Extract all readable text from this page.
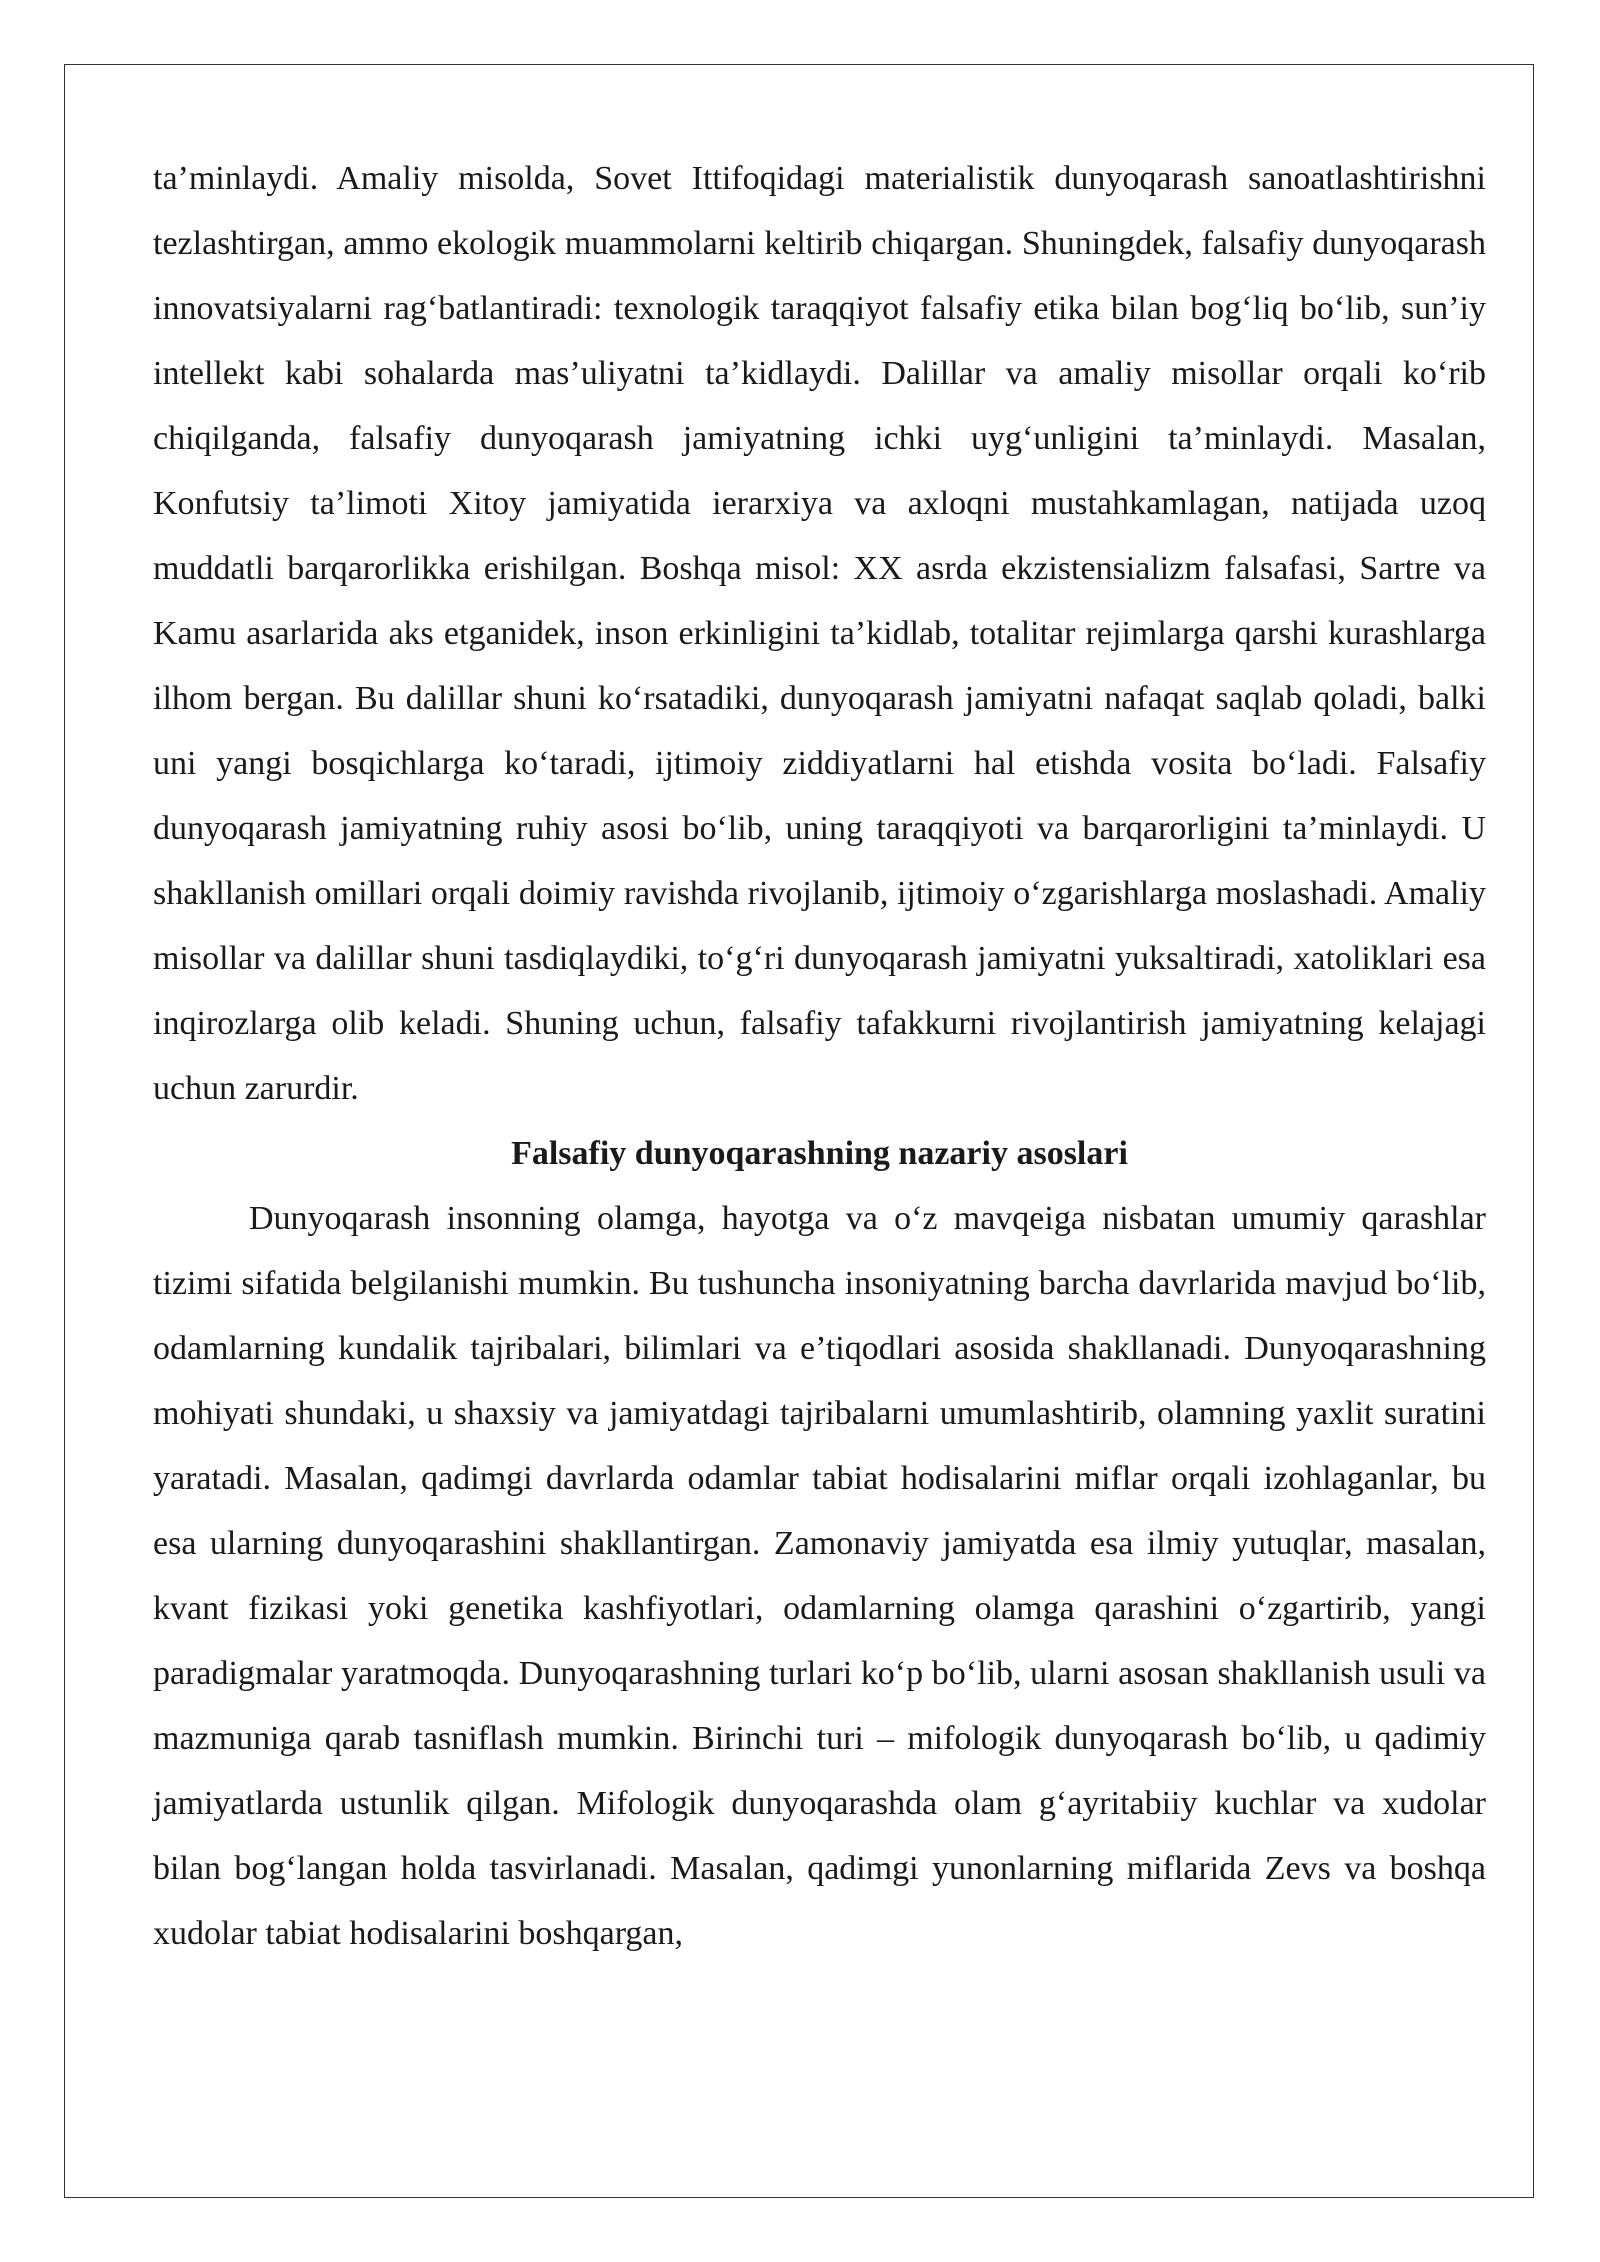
ta’minlaydi. Amaliy misolda, Sovet Ittifoqidagi materialistik dunyoqarash sanoatlashtirishni tezlashtirgan, ammo ekologik muammolarni keltirib chiqargan. Shuningdek, falsafiy dunyoqarash innovatsiyalarni rag‘batlantiradi: texnologik taraqqiyot falsafiy etika bilan bog‘liq bo‘lib, sun’iy intellekt kabi sohalarda mas’uliyatni ta’kidlaydi. Dalillar va amaliy misollar orqali ko‘rib chiqilganda, falsafiy dunyoqarash jamiyatning ichki uyg‘unligini ta’minlaydi. Masalan, Konfutsiy ta’limoti Xitoy jamiyatida ierarxiya va axloqni mustahkamlagan, natijada uzoq muddatli barqarorlikka erishilgan. Boshqa misol: XX asrda ekzistensializm falsafasi, Sartre va Kamu asarlarida aks etganidek, inson erkinligini ta’kidlab, totalitar rejimlarga qarshi kurashlarga ilhom bergan. Bu dalillar shuni ko‘rsatadiki, dunyoqarash jamiyatni nafaqat saqlab qoladi, balki uni yangi bosqichlarga ko‘taradi, ijtimoiy ziddiyatlarni hal etishda vosita bo‘ladi. Falsafiy dunyoqarash jamiyatning ruhiy asosi bo‘lib, uning taraqqiyoti va barqarorligini ta’minlaydi. U shakllanish omillari orqali doimiy ravishda rivojlanib, ijtimoiy o‘zgarishlarga moslashadi. Amaliy misollar va dalillar shuni tasdiqlaydiki, to‘g‘ri dunyoqarash jamiyatni yuksaltiradi, xatoliklari esa inqirozlarga olib keladi. Shuning uchun, falsafiy tafakkurni rivojlantirish jamiyatning kelajagi uchun zarurdir.

Falsafiy dunyoqarashning nazariy asoslari

Dunyoqarash insonning olamga, hayotga va o‘z mavqeiga nisbatan umumiy qarashlar tizimi sifatida belgilanishi mumkin. Bu tushuncha insoniyatning barcha davrlarida mavjud bo‘lib, odamlarning kundalik tajribalari, bilimlari va e’tiqodlari asosida shakllanadi. Dunyoqarashning mohiyati shundaki, u shaxsiy va jamiyatdagi tajribalarni umumlashtirib, olamning yaxlit suratini yaratadi. Masalan, qadimgi davrlarda odamlar tabiat hodisalarini miflar orqali izohlaganlar, bu esa ularning dunyoqarashini shakllantirgan. Zamonaviy jamiyatda esa ilmiy yutuqlar, masalan, kvant fizikasi yoki genetika kashfiyotlari, odamlarning olamga qarashini o‘zgartirib, yangi paradigmalar yaratmoqda. Dunyoqarashning turlari ko‘p bo‘lib, ularni asosan shakllanish usuli va mazmuniga qarab tasniflash mumkin. Birinchi turi – mifologik dunyoqarash bo‘lib, u qadimiy jamiyatlarda ustunlik qilgan. Mifologik dunyoqarashda olam g‘ayritabiiy kuchlar va xudolar bilan bog‘langan holda tasvirlanadi. Masalan, qadimgi yunonlarning miflarida Zevs va boshqa xudolar tabiat hodisalarini boshqargan,
